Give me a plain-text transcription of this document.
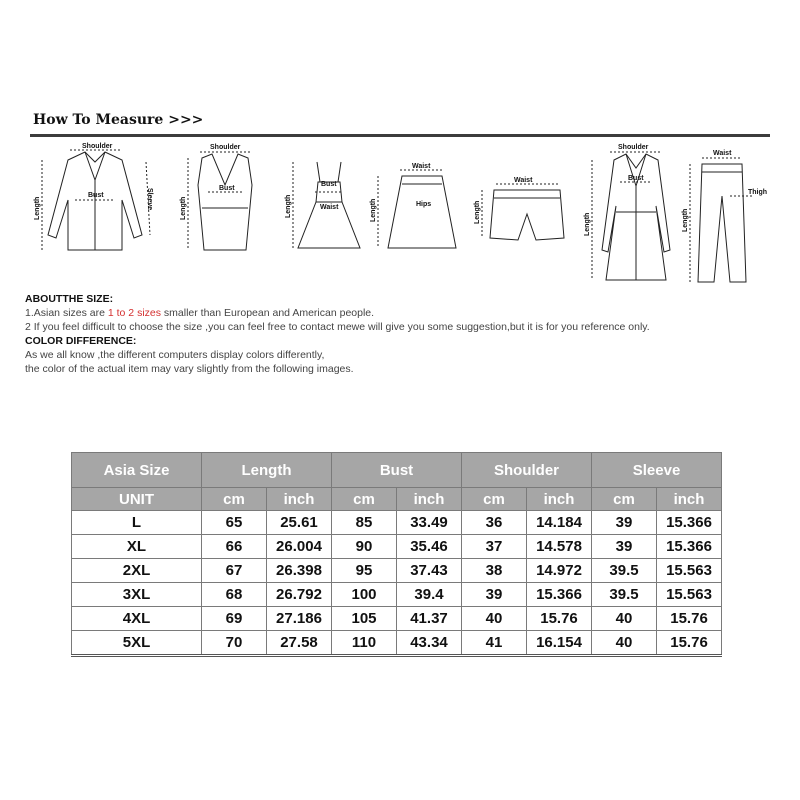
How To Measure >>>
Shoulder
Bust
Length	Sleeve
Shoulder
Bust
Length
Bust
Waist
Length
Waist
Hips
Length
Waist
Length
Shoulder
Bust
Length
Waist
Thigh
Length
ABOUTTHE SIZE:
1.Asian sizes are 1 to 2 sizes smaller than European and American people.
2 If you feel difficult to choose the size ,you can feel free to contact mewe will give you some suggestion,but it is for you reference only.
COLOR DIFFERENCE:
As we all know ,the different computers display colors differently,
the color of the actual item may vary slightly from the following images.
Asia Size	Length		Bust		Shoulder		Sleeve	
UNIT	cm	inch	cm	inch	cm	inch	cm	inch
L	65	25.61	85	33.49	36	14.184	39	15.366
XL	66	26.004	90	35.46	37	14.578	39	15.366
2XL	67	26.398	95	37.43	38	14.972	39.5	15.563
3XL	68	26.792	100	39.4	39	15.366	39.5	15.563
4XL	69	27.186	105	41.37	40	15.76	40	15.76
5XL	70	27.58	110	43.34	41	16.154	40	15.76
